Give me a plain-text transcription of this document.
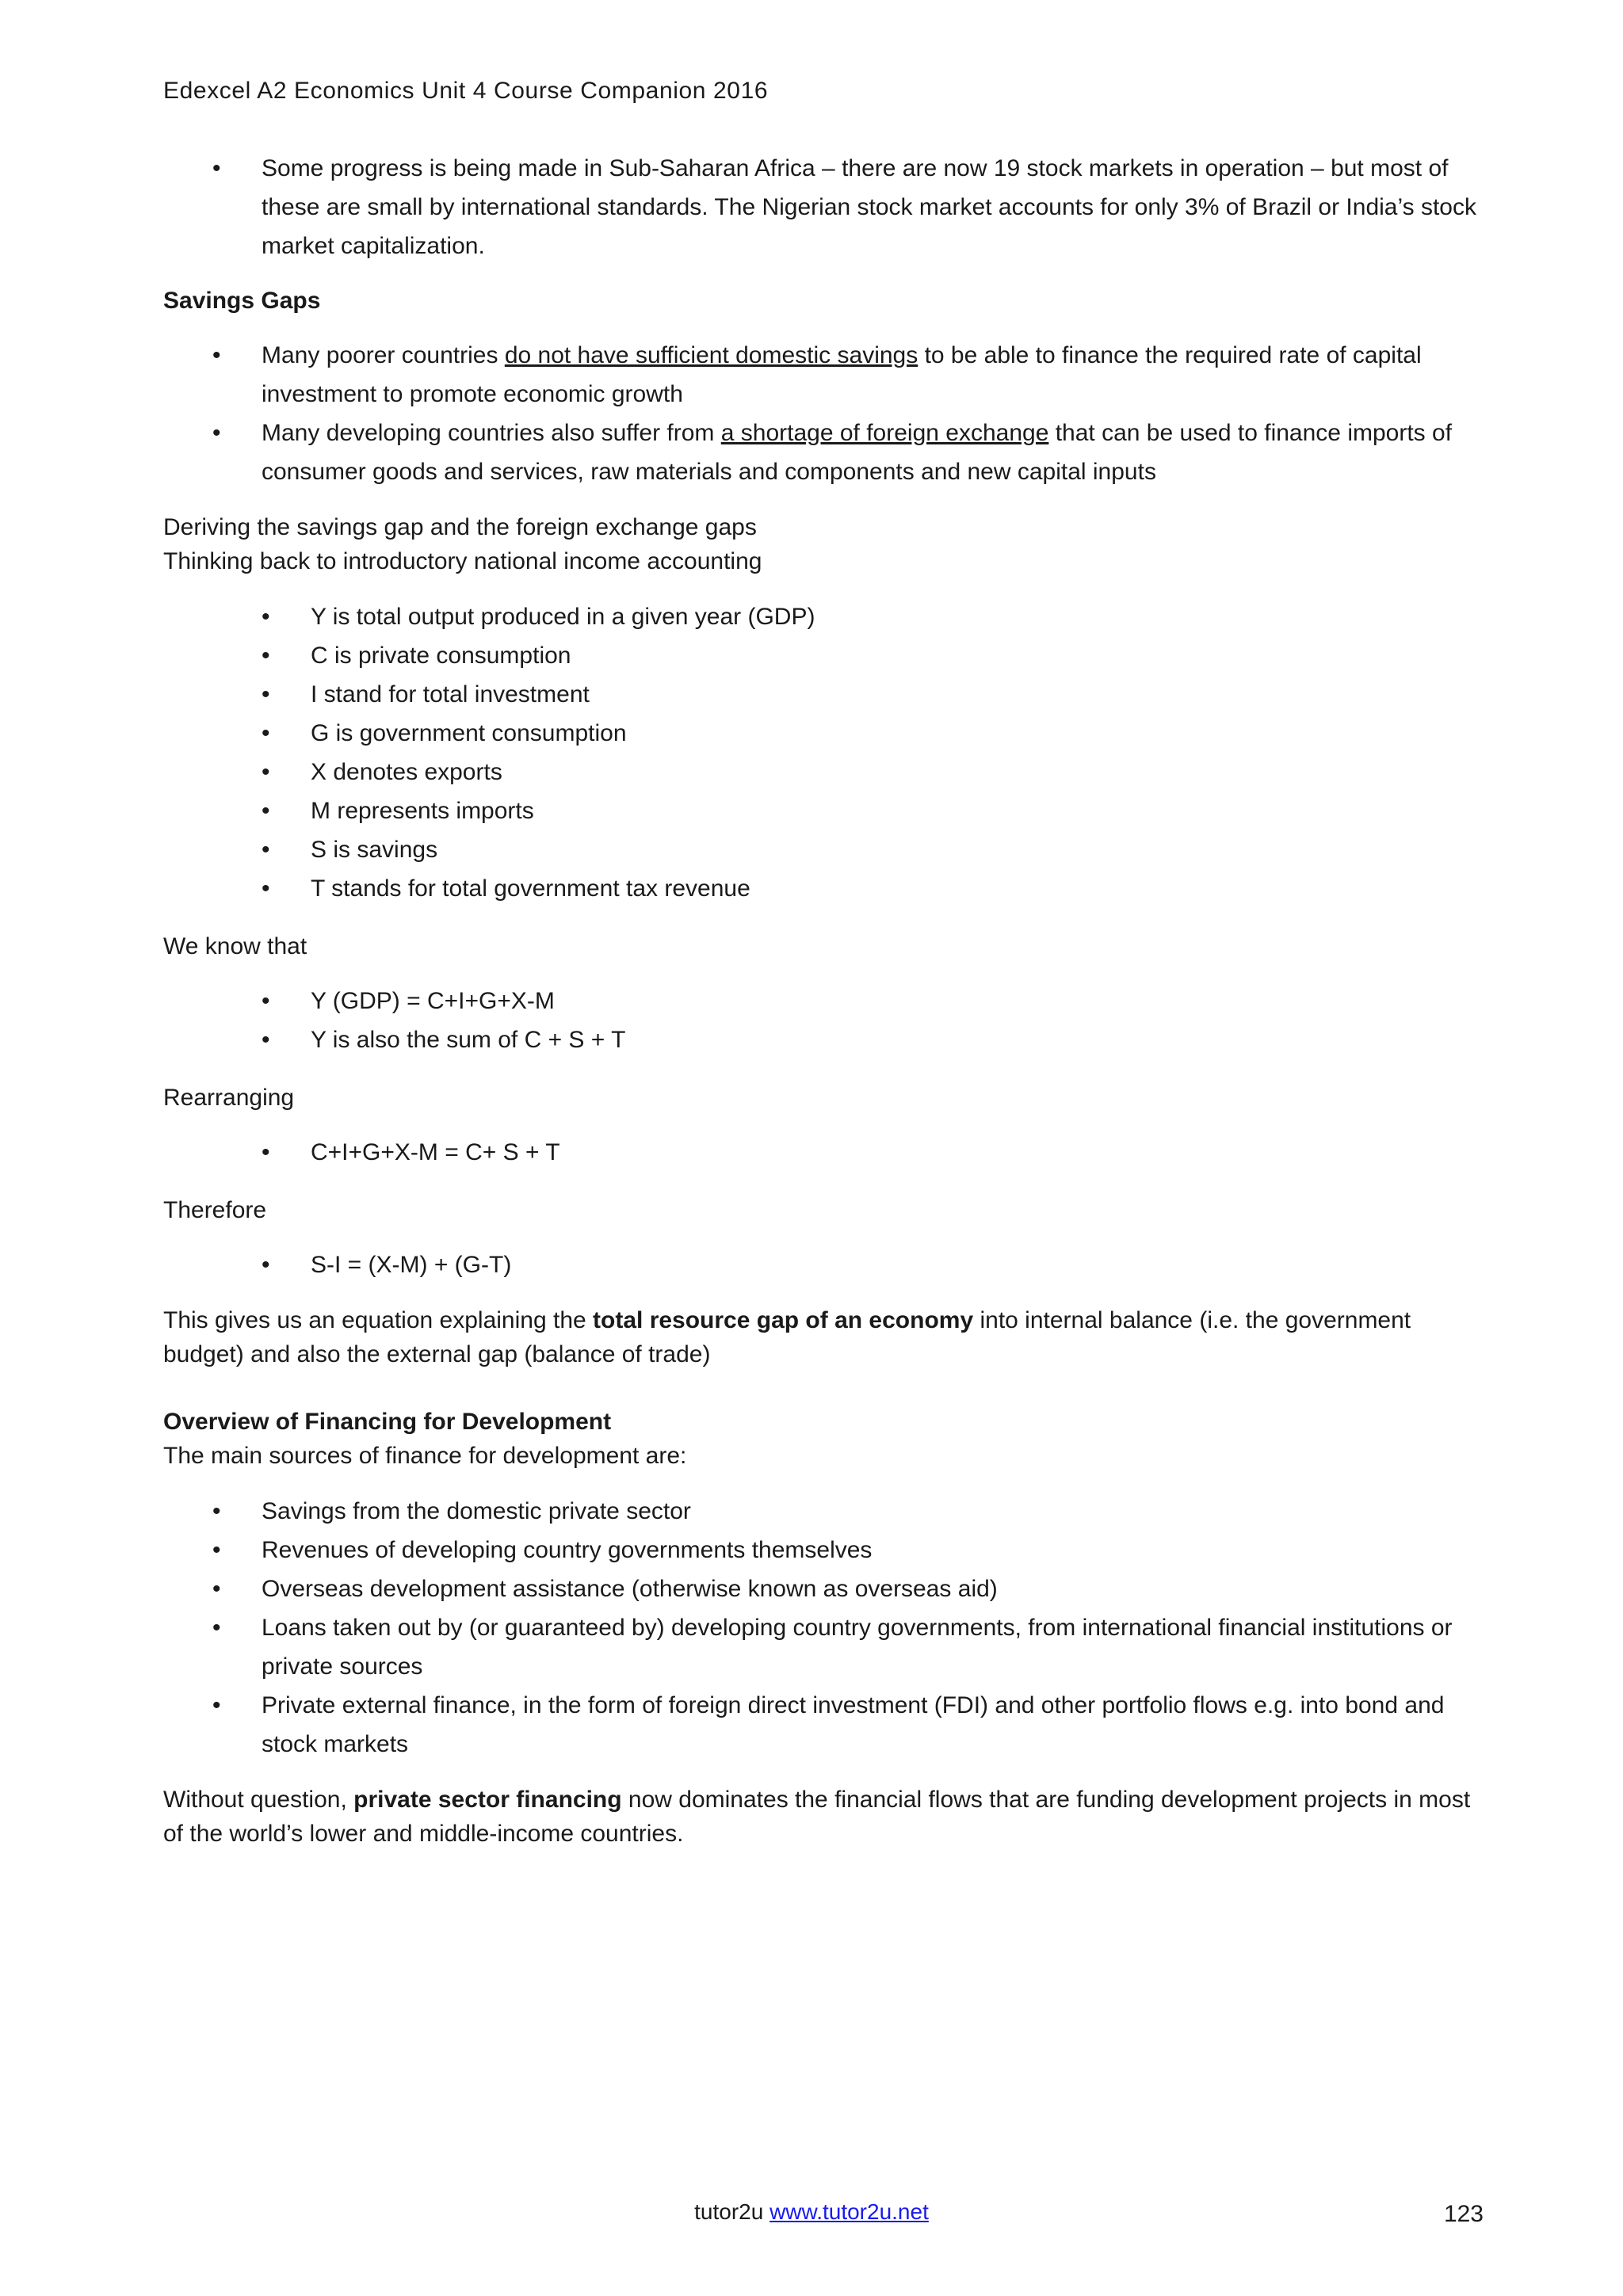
Edexcel A2 Economics Unit 4 Course Companion 2016
• Some progress is being made in Sub-Saharan Africa – there are now 19 stock markets in operation – but most of these are small by international standards. The Nigerian stock market accounts for only 3% of Brazil or India’s stock market capitalization.

Savings Gaps

• Many poorer countries do not have sufficient domestic savings to be able to finance the required rate of capital investment to promote economic growth
• Many developing countries also suffer from a shortage of foreign exchange that can be used to finance imports of consumer goods and services, raw materials and components and new capital inputs

Deriving the savings gap and the foreign exchange gaps

Thinking back to introductory national income accounting

• Y is total output produced in a given year (GDP)
• C is private consumption
• I stand for total investment
• G is government consumption
• X denotes exports
• M represents imports
• S is savings
• T stands for total government tax revenue

We know that

• Y (GDP) = C+I+G+X-M
• Y is also the sum of C + S + T

Rearranging

• C+I+G+X-M = C+ S + T

Therefore

• S-I = (X-M) + (G-T)

This gives us an equation explaining the total resource gap of an economy into internal balance (i.e. the government budget) and also the external gap (balance of trade)

Overview of Financing for Development

The main sources of finance for development are:

• Savings from the domestic private sector
• Revenues of developing country governments themselves
• Overseas development assistance (otherwise known as overseas aid)
• Loans taken out by (or guaranteed by) developing country governments, from international financial institutions or private sources
• Private external finance, in the form of foreign direct investment (FDI) and other portfolio flows e.g. into bond and stock markets

Without question, private sector financing now dominates the financial flows that are funding development projects in most of the world’s lower and middle-income countries.

tutor2u www.tutor2u.net	123
